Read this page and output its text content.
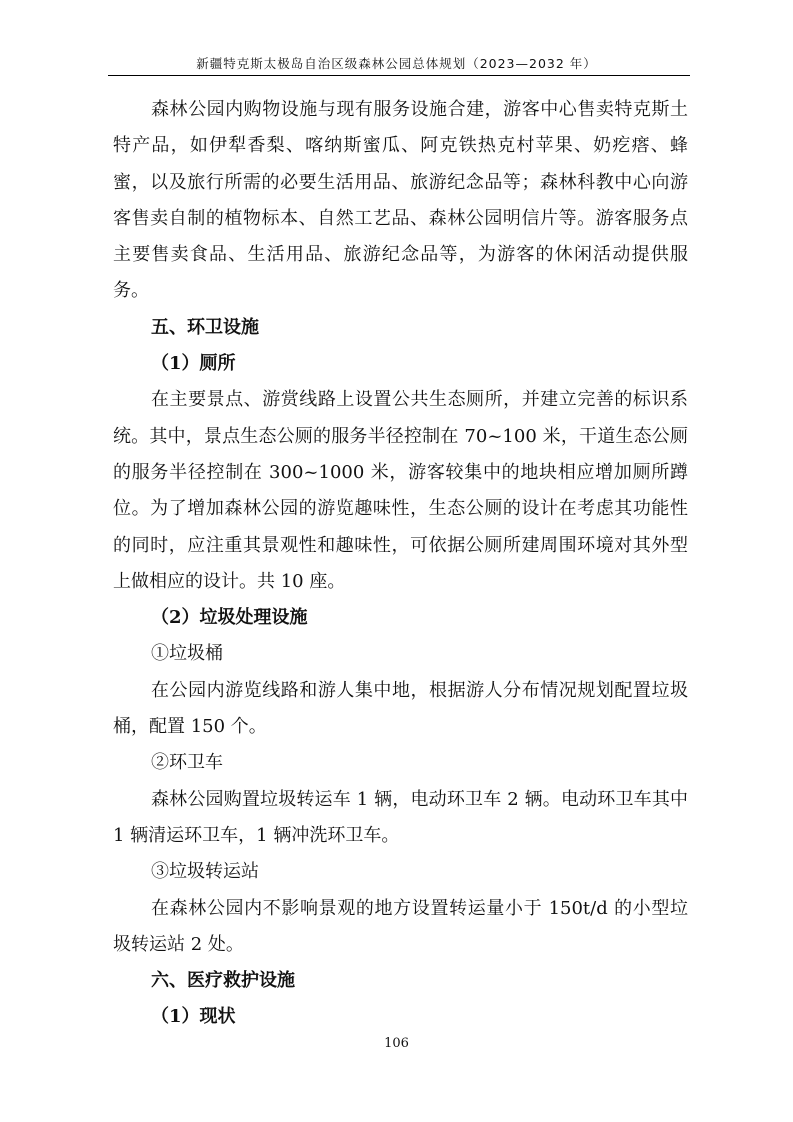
新疆特克斯太极岛自治区级森林公园总体规划（2023—2032 年）

森林公园内购物设施与现有服务设施合建，游客中心售卖特克斯土特产品，如伊犁香梨、喀纳斯蜜瓜、阿克铁热克村苹果、奶疙瘩、蜂蜜，以及旅行所需的必要生活用品、旅游纪念品等；森林科教中心向游客售卖自制的植物标本、自然工艺品、森林公园明信片等。游客服务点主要售卖食品、生活用品、旅游纪念品等，为游客的休闲活动提供服务。

五、环卫设施

（1）厕所

在主要景点、游赏线路上设置公共生态厕所，并建立完善的标识系统。其中，景点生态公厕的服务半径控制在 70~100 米，干道生态公厕的服务半径控制在 300~1000 米，游客较集中的地块相应增加厕所蹲位。为了增加森林公园的游览趣味性，生态公厕的设计在考虑其功能性的同时，应注重其景观性和趣味性，可依据公厕所建周围环境对其外型上做相应的设计。共 10 座。

（2）垃圾处理设施

①垃圾桶

在公园内游览线路和游人集中地，根据游人分布情况规划配置垃圾桶，配置 150 个。

②环卫车

森林公园购置垃圾转运车 1 辆，电动环卫车 2 辆。电动环卫车其中 1 辆清运环卫车，1 辆冲洗环卫车。

③垃圾转运站

在森林公园内不影响景观的地方设置转运量小于 150t/d 的小型垃圾转运站 2 处。

六、医疗救护设施

（1）现状

106
